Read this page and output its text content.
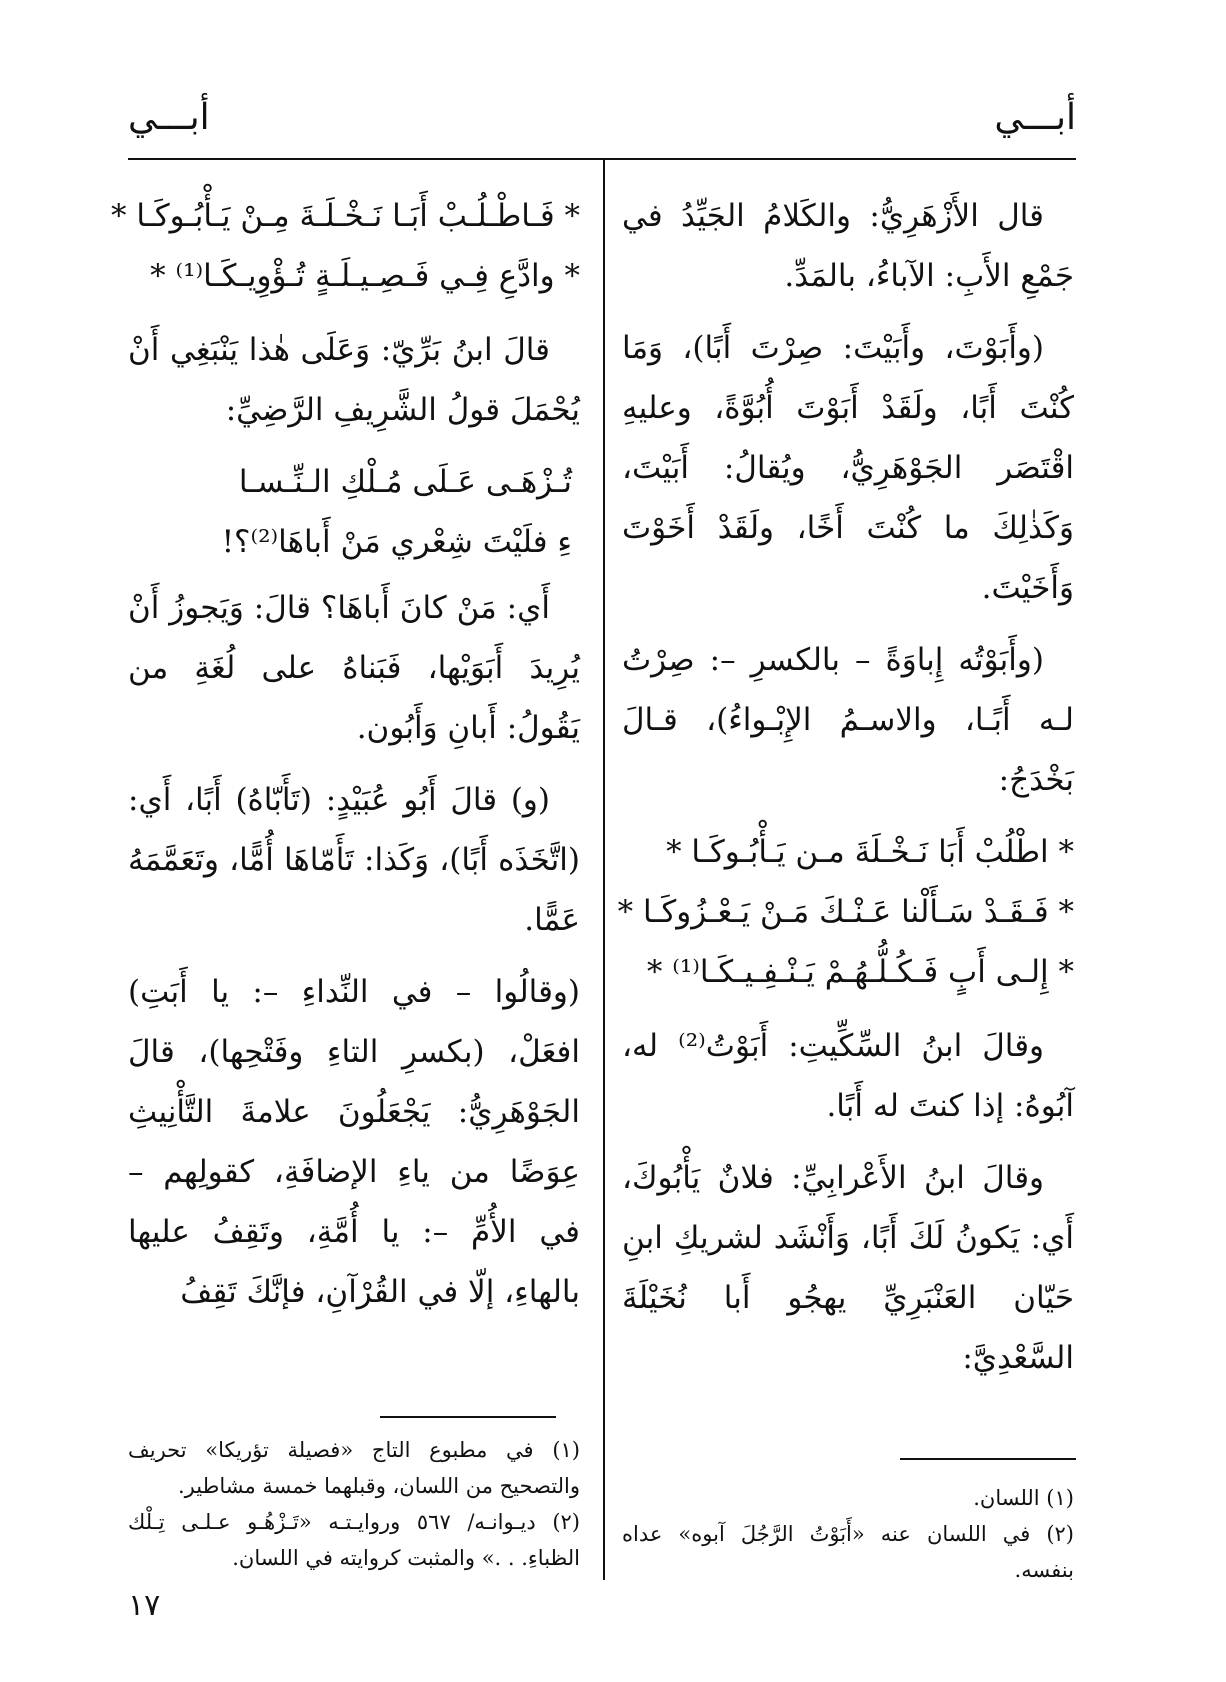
أبـــي
أبـــي

قال الأَزْهَرِيُّ: والكَلامُ الجَيِّدُ في جَمْعِ الأَبِ: الآباءُ، بالمَدِّ.

(وأَبَوْتَ، وأَبَيْتَ: صِرْتَ أَبًا)، وَمَا كُنْتَ أَبًا، ولَقَدْ أَبَوْتَ أُبُوَّةً، وعليهِ اقْتَصَر الجَوْهَرِيُّ، ويُقالُ: أَبَيْتَ، وَكَذٰلِكَ ما كُنْتَ أَخًا، ولَقَدْ أَخَوْتَ وَأَخَيْتَ.

(وأَبَوْتُه إِباوَةً – بالكسرِ –: صِرْتُ لـه أَبًـا، والاسـمُ الإِبْـواءُ)، قـالَ بَخْدَجُ:

* اطْلُبْ أَبَا نَـخْـلَةَ مـن يَـأْبُـوكَـا *

* فَـقَـدْ سَـأَلْنا عَـنْـكَ مَـنْ يَـعْـزُوكَـا *

* إِلـى أَبٍ فَـكُـلُّـهُـمْ يَـنْـفِـيـكَـا⁽¹⁾ *

وقالَ ابنُ السِّكِّيتِ: أَبَوْتُ⁽²⁾ له، آبُوهُ: إذا كنتَ له أَبًا.

وقالَ ابنُ الأَعْرابِيِّ: فلانٌ يَأْبُوكَ، أَي: يَكونُ لَكَ أَبًا، وَأَنْشَد لشريكِ ابنِ حَيّان العَنْبَرِيِّ يهجُو أَبا نُخَيْلَةَ السَّعْدِيَّ:

* فَـاطْـلُـبْ أَبَـا نَـخْـلَـةَ مِـنْ يَـأْبُـوكَـا *

* وادَّعِ فِـي فَـصِـيـلَـةٍ تُـؤْوِيـكَـا⁽¹⁾ *

قالَ ابنُ بَرِّيّ: وَعَلَى هٰذا يَنْبَغِي أَنْ يُحْمَلَ قولُ الشَّرِيفِ الرَّضِيِّ:

تُـزْهَـى عَـلَى مُـلْكِ الـنِّـسـا

ءِ فلَيْتَ شِعْري مَنْ أَباهَا⁽²⁾؟!

أَي: مَنْ كانَ أَباهَا؟ قالَ: وَيَجوزُ أَنْ يُرِيدَ أَبَوَيْها، فَبَناهُ على لُغَةِ من يَقُولُ: أَبانِ وَأَبُون.

(و) قالَ أَبُو عُبَيْدٍ: (تَأَبّاهُ) أَبًا، أَي: (اتَّخَذَه أَبًا)، وَكَذا: تَأَمّاهَا أُمًّا، وتَعَمَّمَهُ عَمًّا.

(وقالُوا – في النِّداءِ –: يا أَبَتِ) افعَلْ، (بكسرِ التاءِ وفَتْحِها)، قالَ الجَوْهَرِيُّ: يَجْعَلُونَ علامةَ التَّأْنِيثِ عِوَضًا من ياءِ الإضافَةِ، كقولِهم – في الأُمِّ –: يا أُمَّةِ، وتَقِفُ عليها بالهاءِ، إلّا في القُرْآنِ، فإنَّكَ تَقِفُ

(١) اللسان.

(٢) في اللسان عنه «أَبَوْتُ الرَّجُلَ آبوه» عداه بنفسه.

(١) في مطبوع التاج «فصيلة تؤريكا» تحريف والتصحيح من اللسان، وقبلهما خمسة مشاطير.

(٢) ديـوانـه/ ٥٦٧ وروايـتـه «تَـزْهُـو عـلـى تِـلْك الظباءِ. . .» والمثبت كروايته في اللسان.

١٧
